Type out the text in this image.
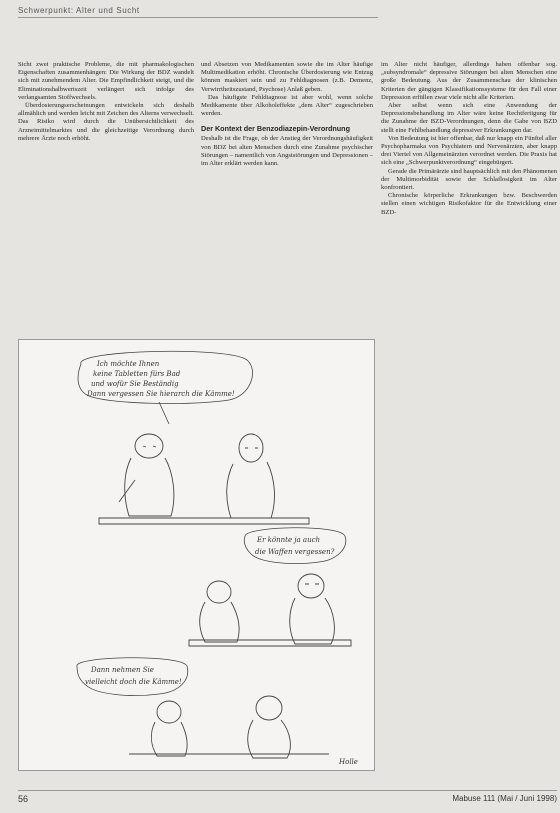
Schwerpunkt: Alter und Sucht

Sicht zwei praktische Probleme, die mit pharmakologischen Eigenschaften zusammenhängen: Die Wirkung der BDZ wandelt sich mit zunehmendem Alter. Die Empfindlichkeit steigt, und die Eliminationshalbwertszeit verlängert sich infolge des verlangsamten Stoffwechsels.

Überdosierungserscheinungen entwickeln sich deshalb allmählich und werden leicht mit Zeichen des Alterns verwechselt. Das Risiko wird durch die Unübersichtlichkeit des Arzneimittelmarktes und die gleichzeitige Verordnung durch mehrere Ärzte noch erhöht.

und Absetzen von Medikamenten sowie die im Alter häufige Multimedikation erhöht. Chronische Überdosierung wie Entzug können maskiert sein und zu Fehldiagnosen (z.B. Demenz, Verwirrtheitszustand, Psychose) Anlaß geben.

Das häufigste Fehldiagnose ist aber wohl, wenn solche Medikamente über Alkoholeffekte „dem Alter“ zugeschrieben werden.

Der Kontext der Benzodiazepin-Verordnung

Deshalb ist die Frage, ob der Anstieg der Verordnungshäufigkeit von BDZ bei alten Menschen durch eine Zunahme psychischer Störungen – namentlich von Angststörungen und Depressionen – im Alter erklärt werden kann.

im Alter nicht häufiger, allerdings haben offenbar sog. „subsyndromale“ depressive Störungen bei alten Menschen eine große Bedeutung. Aus der Zusammenschau der klinischen Kriterien der gängigen Klassifikationssysteme für den Fall einer Depression erfüllen zwar viele nicht alle Kriterien.

Aber selbst wenn sich eine Anwendung der Depressionsbehandlung im Alter wäre keine Rechtfertigung für die Zunahme der BZD-Verordnungen, denn die Gabe von BZD stellt eine Fehlbehandlung depressiver Erkrankungen dar.

Von Bedeutung ist hier offenbar, daß nur knapp ein Fünftel aller Psychopharmaka von Psychiatern und Nervenärzten, aber knapp drei Viertel von Allgemeinärzten verordnet werden. Die Praxis hat sich eine „Schwerpunktverordnung“ eingebürgert.

Gerade die Primärärzte sind hauptsächlich mit den Phänomenen der Multimorbidität sowie der Schlaflosigkeit im Alter konfrontiert.

Chronische körperliche Erkrankungen bzw. Beschwerden stellen einen wichtigen Risikofaktor für die Entwicklung einer BZD-

Ich möchte Ihnen
keine Tabletten fürs Bad
und wofür Sie Beständig
Dann vergessen Sie hierarch die Kämme!
Er könnte ja auch
die Waffen vergessen?
Dann nehmen Sie
vielleicht doch die Kämme!
Holle
56	Mabuse 111 (Mai / Juni 1998)
